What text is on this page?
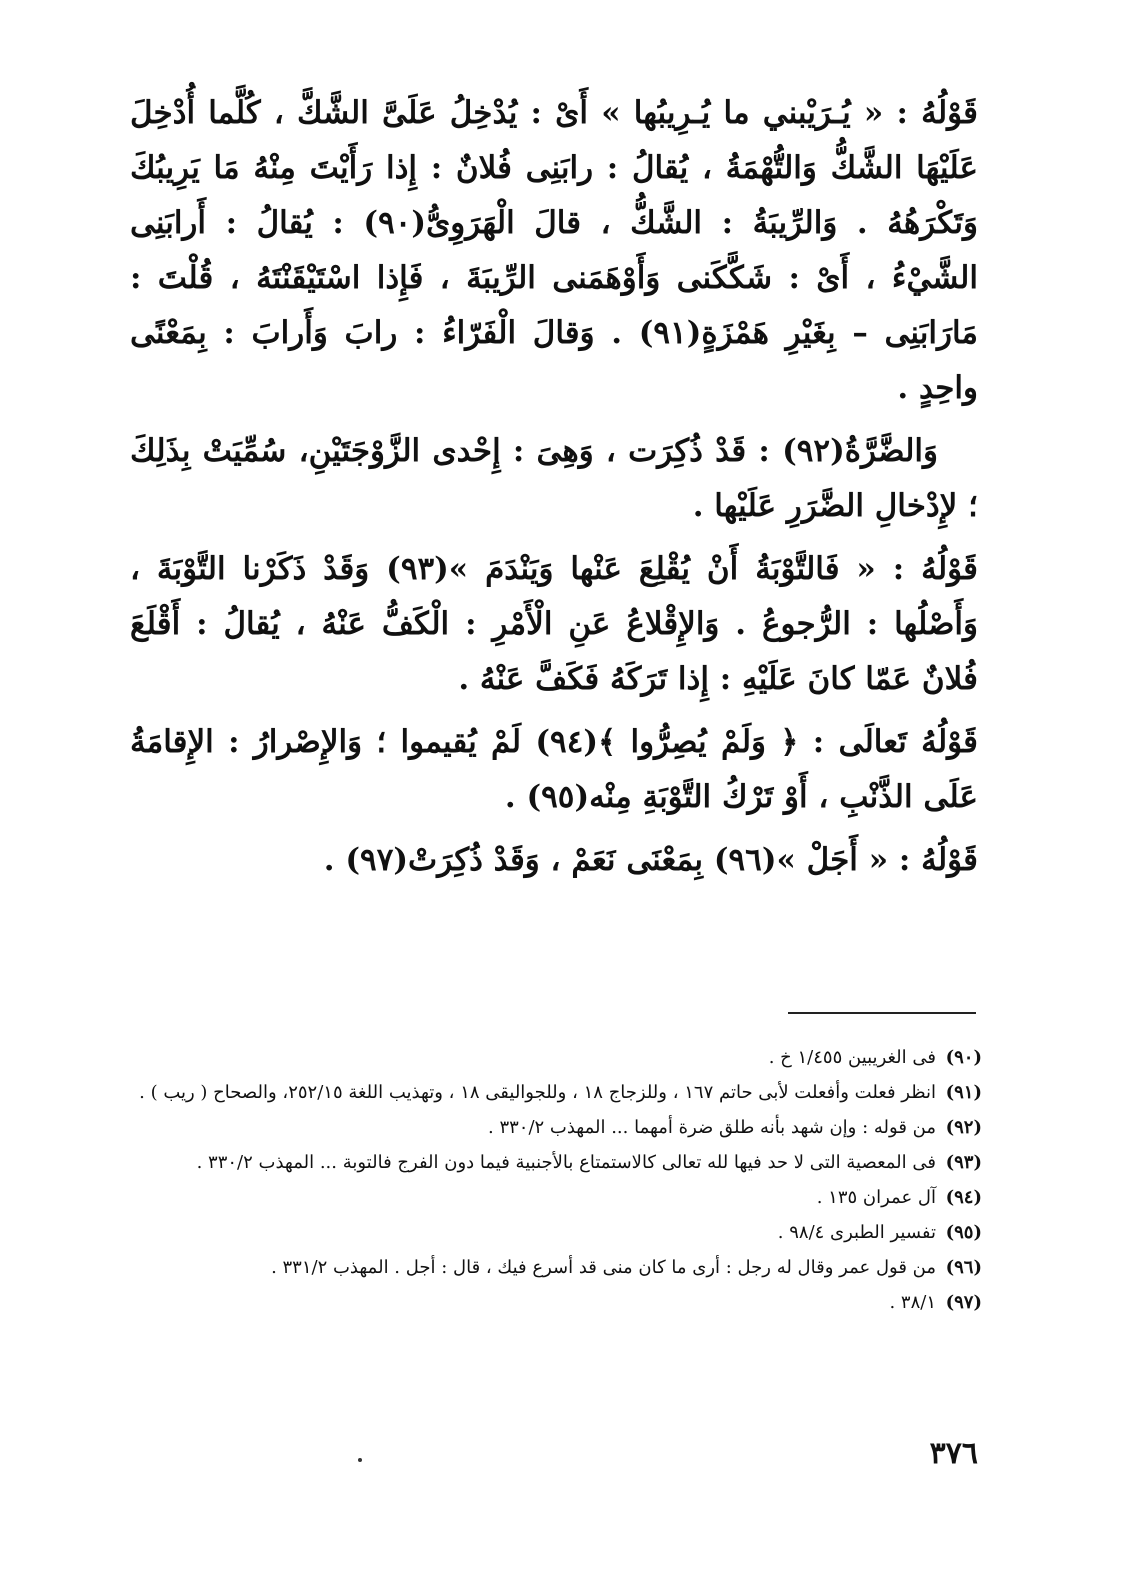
قَوْلُهُ : « يُـرَيْبني ما يُـرِيبُها » أَىْ : يُدْخِلُ عَلَىَّ الشَّكَّ ، كُلَّما أُدْخِلَ عَلَيْهَا الشَّكُّ وَالتُّهْمَةُ ، يُقالُ : رابَنِى فُلانٌ : إِذا رَأَيْتَ مِنْهُ مَا يَرِيبُكَ وَتَكْرَهُهُ . وَالرِّيبَةُ : الشَّكُّ ، قالَ الْهَرَوِىُّ(٩٠) : يُقالُ : أَرابَنِى الشَّيْءُ ، أَىْ : شَكَّكَنى وَأَوْهَمَنى الرِّيبَةَ ، فَإِذا اسْتَيْقَنْتَهُ ، قُلْتَ : مَارَابَنِى – بِغَيْرِ هَمْزَةٍ(٩١) . وَقالَ الْفَرّاءُ : رابَ وَأَرابَ : بِمَعْنًى واحِدٍ .

وَالضَّرَّةُ(٩٢) : قَدْ ذُكِرَت ، وَهِىَ : إِحْدى الزَّوْجَتَيْنِ، سُمِّيَتْ بِذَلِكَ ؛ لإِدْخالِ الضَّرَرِ عَلَيْها .

قَوْلُهُ : « فَالتَّوْبَةُ أَنْ يُقْلِعَ عَنْها وَيَنْدَمَ »(٩٣) وَقَدْ ذَكَرْنا التَّوْبَةَ ، وَأَصْلُها : الرُّجوعُ . وَالإِقْلاعُ عَنِ الْأَمْرِ : الْكَفُّ عَنْهُ ، يُقالُ : أَقْلَعَ فُلانٌ عَمّا كانَ عَلَيْهِ : إِذا تَرَكَهُ فَكَفَّ عَنْهُ .

قَوْلُهُ تَعالَى : ﴿ وَلَمْ يُصِرُّوا ﴾(٩٤) لَمْ يُقيموا ؛ وَالإِصْرارُ : الإِقامَةُ عَلَى الذَّنْبِ ، أَوْ تَرْكُ التَّوْبَةِ مِنْه(٩٥) .

قَوْلُهُ : « أَجَلْ »(٩٦) بِمَعْنَى نَعَمْ ، وَقَدْ ذُكِرَتْ(٩٧) .

(٩٠)
فى الغريبين ١/٤٥٥ خ .
(٩١)
انظر فعلت وأفعلت لأبى حاتم ١٦٧ ، وللزجاج ١٨ ، وللجواليقى ١٨ ، وتهذيب اللغة ٢٥٢/١٥، والصحاح ( ريب ) .
(٩٢)
من قوله : وإن شهد بأنه طلق ضرة أمهما ... المهذب ٣٣٠/٢ .
(٩٣)
فى المعصية التى لا حد فيها لله تعالى كالاستمتاع بالأجنبية فيما دون الفرج فالتوبة ... المهذب ٣٣٠/٢ .
(٩٤)
آل عمران ١٣٥ .
(٩٥)
تفسير الطبرى ٩٨/٤ .
(٩٦)
من قول عمر وقال له رجل : أرى ما كان منى قد أسرع فيك ، قال : أجل . المهذب ٣٣١/٢ .
(٩٧)
٣٨/١ .
٣٧٦
